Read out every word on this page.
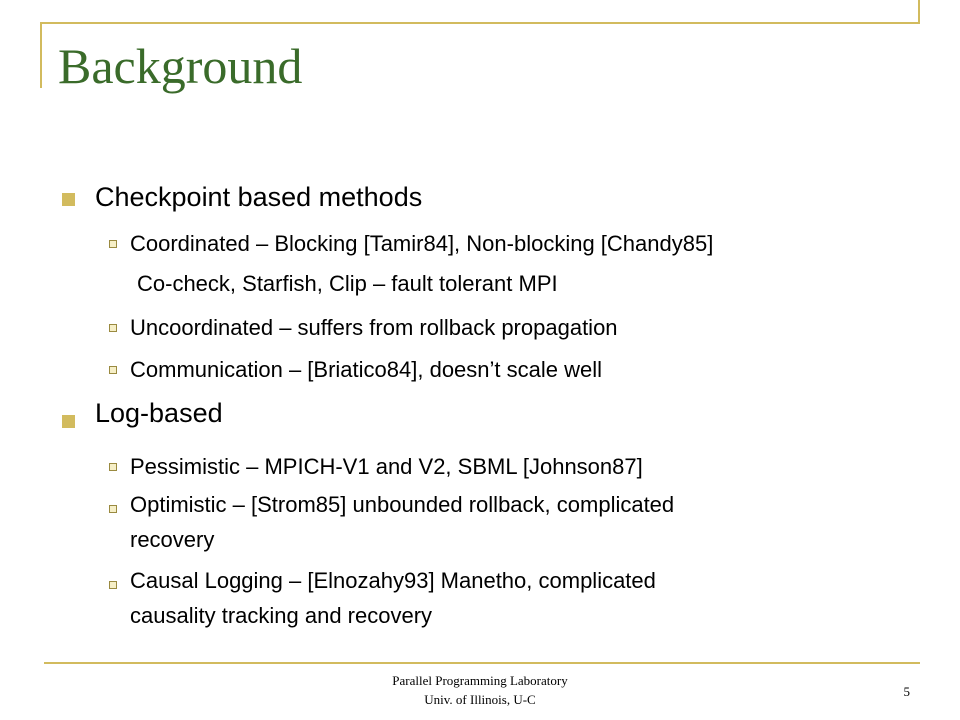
Background
Checkpoint based methods
Coordinated – Blocking [Tamir84], Non-blocking [Chandy85]
Co-check, Starfish, Clip – fault tolerant MPI
Uncoordinated – suffers from rollback propagation
Communication – [Briatico84], doesn’t scale well
Log-based
Pessimistic – MPICH-V1 and V2, SBML [Johnson87]
Optimistic – [Strom85] unbounded rollback, complicated
recovery
Causal Logging – [Elnozahy93] Manetho, complicated
causality tracking and recovery
Parallel Programming Laboratory
Univ. of Illinois, U-C
5
